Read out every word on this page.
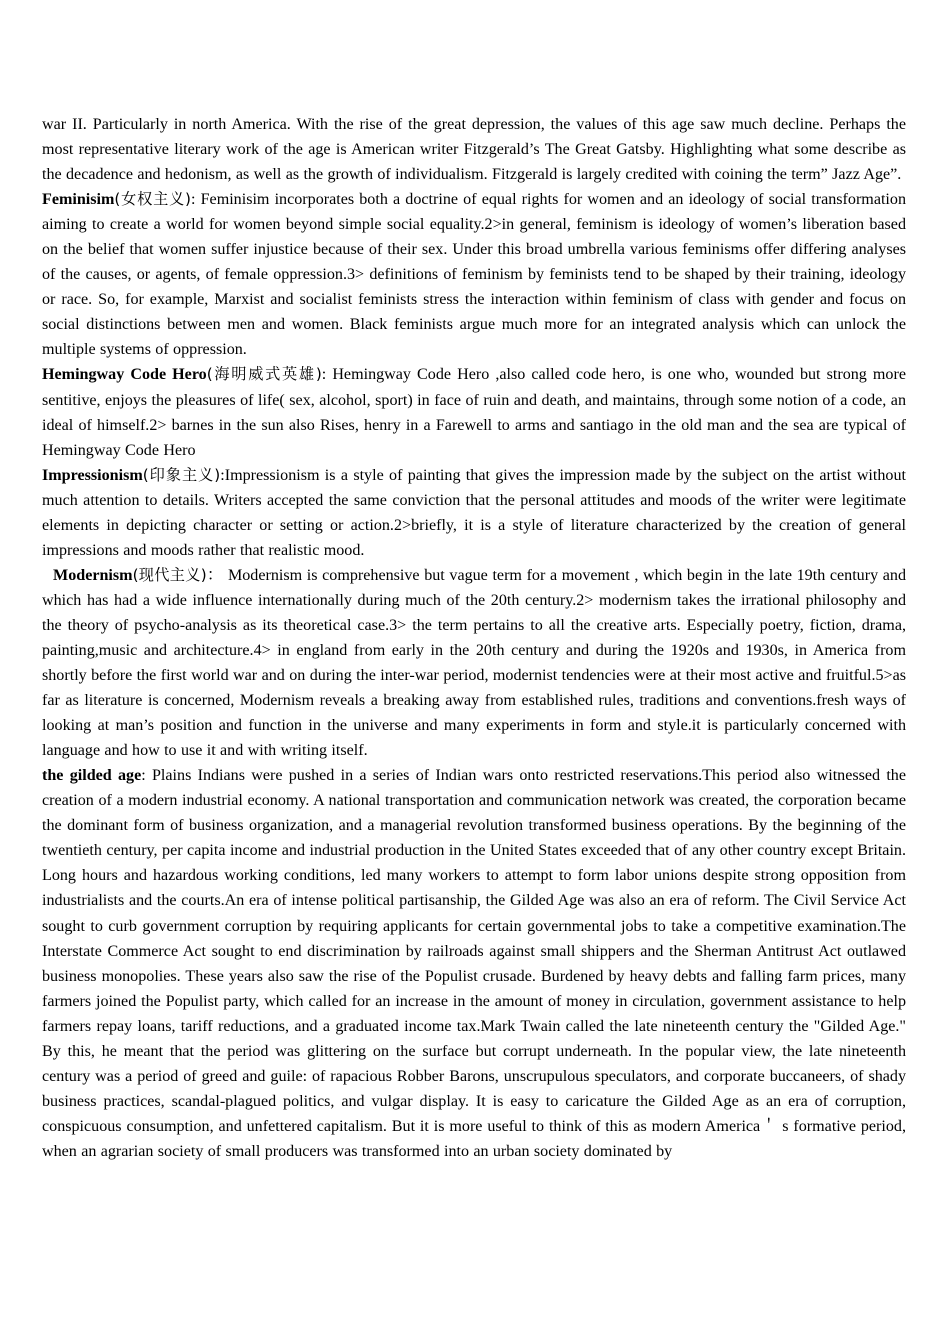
war II. Particularly in north America. With the rise of the great depression, the values of this age saw much decline. Perhaps the most representative literary work of the age is American writer Fitzgerald’s The Great Gatsby. Highlighting what some describe as the decadence and hedonism, as well as the growth of individualism. Fitzgerald is largely credited with coining the term” Jazz Age”.

Feminisim(女权主义): Feminisim incorporates both a doctrine of equal rights for women and an ideology of social transformation aiming to create a world for women beyond simple social equality.2>in general, feminism is ideology of women’s liberation based on the belief that women suffer injustice because of their sex. Under this broad umbrella various feminisms offer differing analyses of the causes, or agents, of female oppression.3> definitions of feminism by feminists tend to be shaped by their training, ideology or race. So, for example, Marxist and socialist feminists stress the interaction within feminism of class with gender and focus on social distinctions between men and women. Black feminists argue much more for an integrated analysis which can unlock the multiple systems of oppression.

Hemingway Code Hero(海明威式英雄): Hemingway Code Hero ,also called code hero, is one who, wounded but strong more sentitive, enjoys the pleasures of life( sex, alcohol, sport) in face of ruin and death, and maintains, through some notion of a code, an ideal of himself.2> barnes in the sun also Rises, henry in a Farewell to arms and santiago in the old man and the sea are typical of Hemingway Code Hero

Impressionism(印象主义):Impressionism is a style of painting that gives the impression made by the subject on the artist without much attention to details. Writers accepted the same conviction that the personal attitudes and moods of the writer were legitimate elements in depicting character or setting or action.2>briefly, it is a style of literature characterized by the creation of general impressions and moods rather that realistic mood.

Modernism(现代主义)： Modernism is comprehensive but vague term for a movement , which begin in the late 19th century and which has had a wide influence internationally during much of the 20th century.2> modernism takes the irrational philosophy and the theory of psycho-analysis as its theoretical case.3> the term pertains to all the creative arts. Especially poetry, fiction, drama, painting,music and architecture.4> in england from early in the 20th century and during the 1920s and 1930s, in America from shortly before the first world war and on during the inter-war period, modernist tendencies were at their most active and fruitful.5>as far as literature is concerned, Modernism reveals a breaking away from established rules, traditions and conventions.fresh ways of looking at man’s position and function in the universe and many experiments in form and style.it is particularly concerned with language and how to use it and with writing itself.

the gilded age: Plains Indians were pushed in a series of Indian wars onto restricted reservations.This period also witnessed the creation of a modern industrial economy. A national transportation and communication network was created, the corporation became the dominant form of business organization, and a managerial revolution transformed business operations. By the beginning of the twentieth century, per capita income and industrial production in the United States exceeded that of any other country except Britain. Long hours and hazardous working conditions, led many workers to attempt to form labor unions despite strong opposition from industrialists and the courts.An era of intense political partisanship, the Gilded Age was also an era of reform. The Civil Service Act sought to curb government corruption by requiring applicants for certain governmental jobs to take a competitive examination.The Interstate Commerce Act sought to end discrimination by railroads against small shippers and the Sherman Antitrust Act outlawed business monopolies. These years also saw the rise of the Populist crusade. Burdened by heavy debts and falling farm prices, many farmers joined the Populist party, which called for an increase in the amount of money in circulation, government assistance to help farmers repay loans, tariff reductions, and a graduated income tax.Mark Twain called the late nineteenth century the "Gilded Age." By this, he meant that the period was glittering on the surface but corrupt underneath. In the popular view, the late nineteenth century was a period of greed and guile: of rapacious Robber Barons, unscrupulous speculators, and corporate buccaneers, of shady business practices, scandal-plagued politics, and vulgar display. It is easy to caricature the Gilded Age as an era of corruption, conspicuous consumption, and unfettered capitalism. But it is more useful to think of this as modern America＇ s formative period, when an agrarian society of small producers was transformed into an urban society dominated by
